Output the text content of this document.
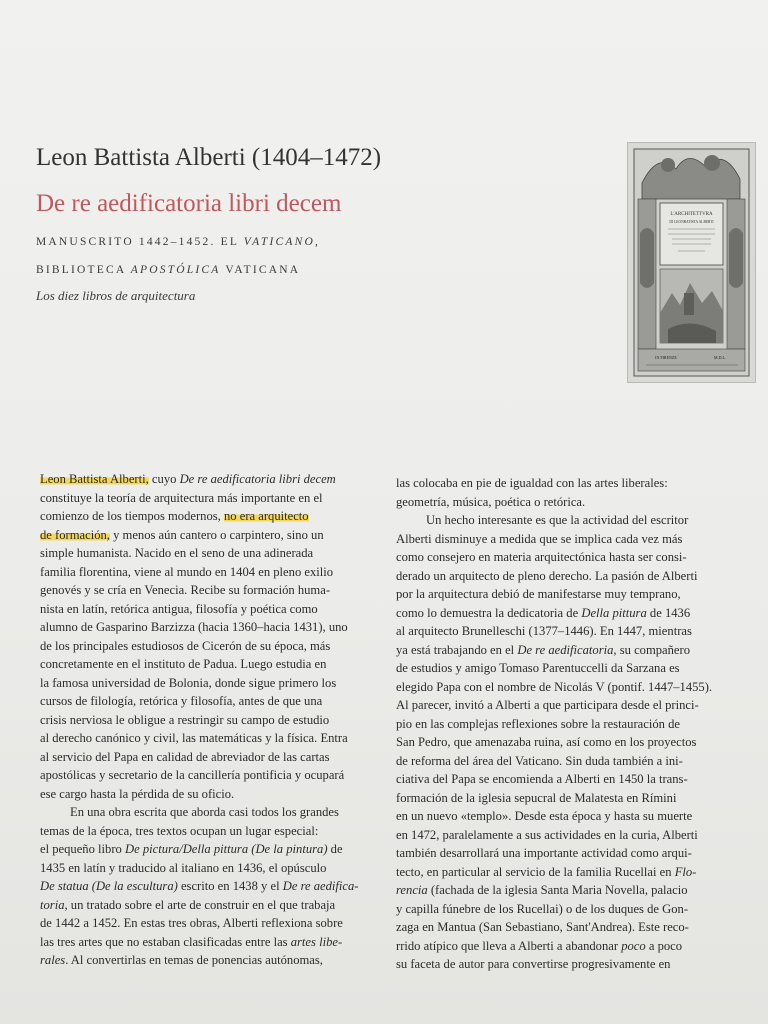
Leon Battista Alberti (1404–1472)
De re aedificatoria libri decem
MANUSCRITO 1442–1452. EL VATICANO,
BIBLIOTECA APOSTÓLICA VATICANA
Los diez libros de arquitectura
L'ARCHITETTVRA
DI LEONBATISTA ALBERTI
IN FIRENZE	M.D.L.
Leon Battista Alberti, cuyo De re aedificatoria libri decem
constituye la teoría de arquitectura más importante en el
comienzo de los tiempos modernos, no era arquitecto
de formación, y menos aún cantero o carpintero, sino un
simple humanista. Nacido en el seno de una adinerada
familia florentina, viene al mundo en 1404 en pleno exilio
genovés y se cría en Venecia. Recibe su formación huma-
nista en latín, retórica antigua, filosofía y poética como
alumno de Gasparino Barzizza (hacia 1360–hacia 1431), uno
de los principales estudiosos de Cicerón de su época, más
concretamente en el instituto de Padua. Luego estudia en
la famosa universidad de Bolonia, donde sigue primero los
cursos de filología, retórica y filosofía, antes de que una
crisis nerviosa le obligue a restringir su campo de estudio
al derecho canónico y civil, las matemáticas y la física. Entra
al servicio del Papa en calidad de abreviador de las cartas
apostólicas y secretario de la cancillería pontificia y ocupará
ese cargo hasta la pérdida de su oficio.
En una obra escrita que aborda casi todos los grandes
temas de la época, tres textos ocupan un lugar especial:
el pequeño libro De pictura/Della pittura (De la pintura) de
1435 en latín y traducido al italiano en 1436, el opúsculo
De statua (De la escultura) escrito en 1438 y el De re aedifica-
toria, un tratado sobre el arte de construir en el que trabaja
de 1442 a 1452. En estas tres obras, Alberti reflexiona sobre
las tres artes que no estaban clasificadas entre las artes libe-
rales. Al convertirlas en temas de ponencias autónomas,
las colocaba en pie de igualdad con las artes liberales:
geometría, música, poética o retórica.
Un hecho interesante es que la actividad del escritor
Alberti disminuye a medida que se implica cada vez más
como consejero en materia arquitectónica hasta ser consi-
derado un arquitecto de pleno derecho. La pasión de Alberti
por la arquitectura debió de manifestarse muy temprano,
como lo demuestra la dedicatoria de Della pittura de 1436
al arquitecto Brunelleschi (1377–1446). En 1447, mientras
ya está trabajando en el De re aedificatoria, su compañero
de estudios y amigo Tomaso Parentuccelli da Sarzana es
elegido Papa con el nombre de Nicolás V (pontif. 1447–1455).
Al parecer, invitó a Alberti a que participara desde el princi-
pio en las complejas reflexiones sobre la restauración de
San Pedro, que amenazaba ruina, así como en los proyectos
de reforma del área del Vaticano. Sin duda también a ini-
ciativa del Papa se encomienda a Alberti en 1450 la trans-
formación de la iglesia sepucral de Malatesta en Rímini
en un nuevo «templo». Desde esta época y hasta su muerte
en 1472, paralelamente a sus actividades en la curia, Alberti
también desarrollará una importante actividad como arqui-
tecto, en particular al servicio de la familia Rucellai en Flo-
rencia (fachada de la iglesia Santa Maria Novella, palacio
y capilla fúnebre de los Rucellai) o de los duques de Gon-
zaga en Mantua (San Sebastiano, Sant'Andrea). Este reco-
rrido atípico que lleva a Alberti a abandonar poco a poco
su faceta de autor para convertirse progresivamente en
